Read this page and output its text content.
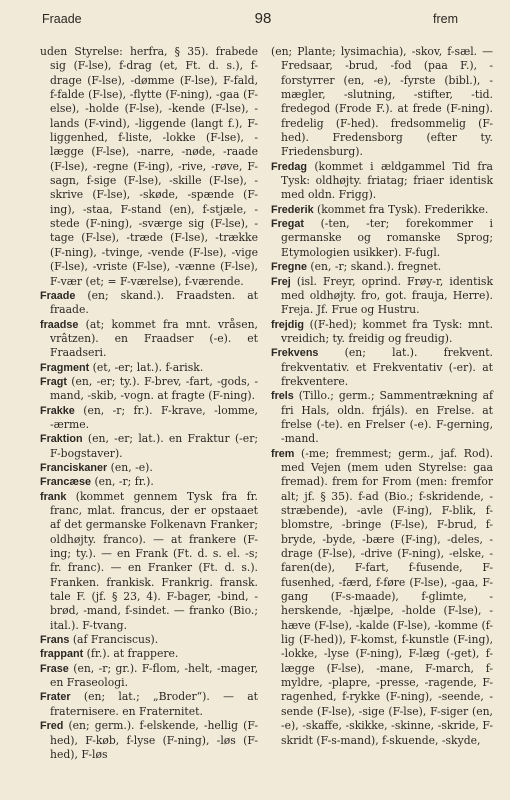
Fraade	98	frem

uden Styrelse: herfra, § 35). frabede sig (F-lse), f-drag (et, Ft. d. s.), f-drage (F-lse), -dømme (F-lse), F-fald, f-falde (F-lse), -flytte (F-ning), -gaa (F-else), -holde (F-lse), -kende (F-lse), -lands (F-vind), -liggende (langt f.), F-liggenhed, f-liste, -lokke (F-lse), -lægge (F-lse), -narre, -nøde, -raade (F-lse), -regne (F-ing), -rive, -røve, F-sagn, f-sige (F-lse), -skille (F-lse), -skrive (F-lse), -skøde, -spænde (F-ing), -staa, F-stand (en), f-stjæle, -stede (F-ning), -sværge sig (F-lse), -tage (F-lse), -træde (F-lse), -trække (F-ning), -tvinge, -vende (F-lse), -vige (F-lse), -vriste (F-lse), -vænne (F-lse), F-vær (et; = F-værelse), f-værende.

Fraade (en; skand.). Fraadsten. at fraade.

fraadse (at; kommet fra mnt. vråsen, vrâtzen). en Fraadser (-e). et Fraadseri.

Fragment (et, -er; lat.). f-arisk.

Fragt (en, -er; ty.). F-brev, -fart, -gods, -mand, -skib, -vogn. at fragte (F-ning).

Frakke (en, -r; fr.). F-krave, -lomme, -ærme.

Fraktion (en, -er; lat.). en Fraktur (-er; F-bogstaver).

Franciskaner (en, -e).

Francæse (en, -r; fr.).

frank (kommet gennem Tysk fra fr. franc, mlat. francus, der er opstaaet af det germanske Folkenavn Franker; oldhøjty. franco). — at frankere (F-ing; ty.). — en Frank (Ft. d. s. el. -s; fr. franc). — en Franker (Ft. d. s.). Franken. frankisk. Frankrig. fransk. tale F. (jf. § 23, 4). F-bager, -bind, -brød, -mand, f-sindet. — franko (Bio.; ital.). F-tvang.

Frans (af Franciscus).

frappant (fr.). at frappere.

Frase (en, -r; gr.). F-flom, -helt, -mager, en Fraseologi.

Frater (en; lat.; „Broder“). — at fraternisere. en Fraternitet.

Fred (en; germ.). f-elskende, -hellig (F-hed), F-køb, f-lyse (F-ning), -løs (F-hed), F-løs

(en; Plante; lysimachia), -skov, f-sæl. — Fredsaar, -brud, -fod (paa F.), -forstyrrer (en, -e), -fyrste (bibl.), -mægler, -slutning, -stifter, -tid. fredegod (Frode F.). at frede (F-ning). fredelig (F-hed). fredsommelig (F-hed). Fredensborg (efter ty. Friedensburg).

Fredag (kommet i ældgammel Tid fra Tysk: oldhøjty. friatag; friaer identisk med oldn. Frigg).

Frederik (kommet fra Tysk). Frederikke.

Fregat (-ten, -ter; forekommer i germanske og romanske Sprog; Etymologien usikker). F-fugl.

Fregne (en, -r; skand.). fregnet.

Frej (isl. Freyr, oprind. Frøy-r, identisk med oldhøjty. fro, got. frauja, Herre). Freja. Jf. Frue og Hustru.

frejdig ((F-hed); kommet fra Tysk: mnt. vreidich; ty. freidig og freudig).

Frekvens (en; lat.). frekvent. frekventativ. et Frekventativ (-er). at frekventere.

frels (Tillo.; germ.; Sammentrækning af fri Hals, oldn. frjáls). en Frelse. at frelse (-te). en Frelser (-e). F-gerning, -mand.

frem (-me; fremmest; germ., jaf. Rod). med Vejen (mem uden Styrelse: gaa fremad). frem for From (men: fremfor alt; jf. § 35). f-ad (Bio.; f-skridende, -stræbende), -avle (F-ing), F-blik, f-blomstre, -bringe (F-lse), F-brud, f-bryde, -byde, -bære (F-ing), -deles, -drage (F-lse), -drive (F-ning), -elske, -faren(de), F-fart, f-fusende, F-fusenhed, -færd, f-føre (F-lse), -gaa, F-gang (F-s-maade), f-glimte, -herskende, -hjælpe, -holde (F-lse), -hæve (F-lse), -kalde (F-lse), -komme (f-lig (F-hed)), F-komst, f-kunstle (F-ing), -lokke, -lyse (F-ning), F-læg (-get), f-lægge (F-lse), -mane, F-march, f-myldre, -plapre, -presse, -ragende, F-ragenhed, f-rykke (F-ning), -seende, -sende (F-lse), -sige (F-lse), F-siger (en, -e), -skaffe, -skikke, -skinne, -skride, F-skridt (F-s-mand), f-skuende, -skyde,
